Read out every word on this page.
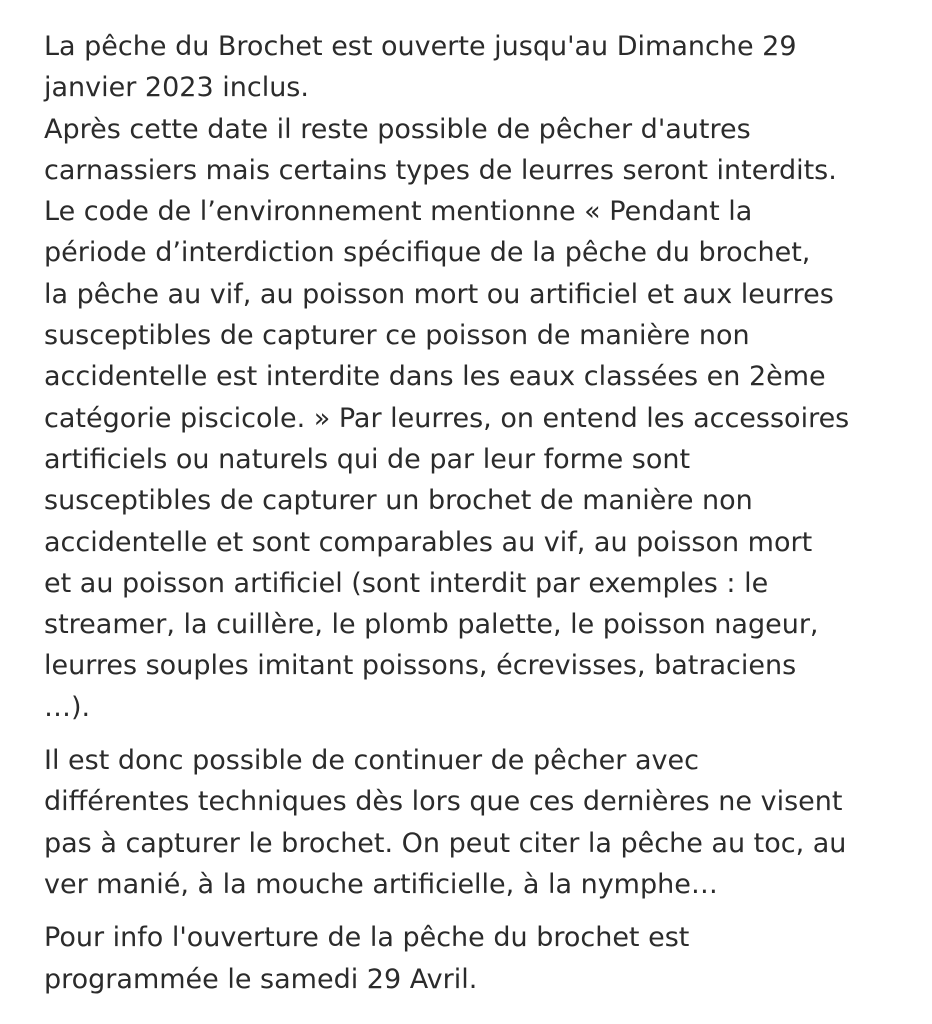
La pêche du Brochet est ouverte jusqu'au Dimanche 29
janvier 2023 inclus.
Après cette date il reste possible de pêcher d'autres
carnassiers mais certains types de leurres seront interdits.
Le code de l’environnement mentionne « Pendant la
période d’interdiction spécifique de la pêche du brochet,
la pêche au vif, au poisson mort ou artificiel et aux leurres
susceptibles de capturer ce poisson de manière non
accidentelle est interdite dans les eaux classées en 2ème
catégorie piscicole. » Par leurres, on entend les accessoires
artificiels ou naturels qui de par leur forme sont
susceptibles de capturer un brochet de manière non
accidentelle et sont comparables au vif, au poisson mort
et au poisson artificiel (sont interdit par exemples : le
streamer, la cuillère, le plomb palette, le poisson nageur,
leurres souples imitant poissons, écrevisses, batraciens
…).

Il est donc possible de continuer de pêcher avec
différentes techniques dès lors que ces dernières ne visent
pas à capturer le brochet. On peut citer la pêche au toc, au
ver manié, à la mouche artificielle, à la nymphe…

Pour info l'ouverture de la pêche du brochet est
programmée le samedi 29 Avril.
